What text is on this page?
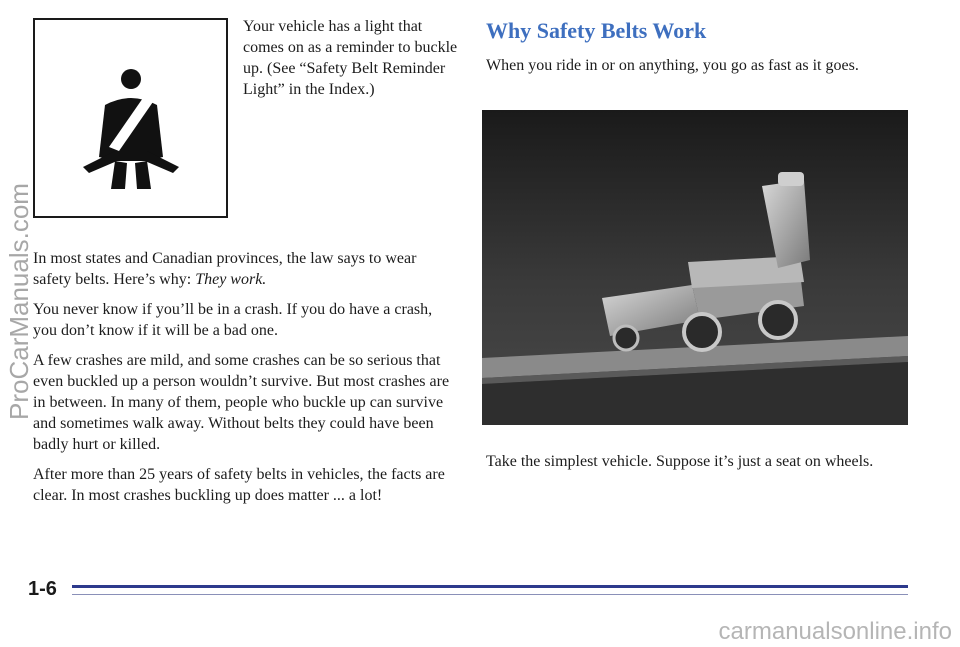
Your vehicle has a light that comes on as a reminder to buckle up. (See “Safety Belt Reminder Light” in the Index.)

In most states and Canadian provinces, the law says to wear safety belts. Here’s why: They work.

You never know if you’ll be in a crash. If you do have a crash, you don’t know if it will be a bad one.

A few crashes are mild, and some crashes can be so serious that even buckled up a person wouldn’t survive. But most crashes are in between. In many of them, people who buckle up can survive and sometimes walk away. Without belts they could have been badly hurt or killed.

After more than 25 years of safety belts in vehicles, the facts are clear. In most crashes buckling up does matter ... a lot!

Why Safety Belts Work

When you ride in or on anything, you go as fast as it goes.

Take the simplest vehicle. Suppose it’s just a seat on wheels.

1-6
ProCarManuals.com
carmanualsonline.info
